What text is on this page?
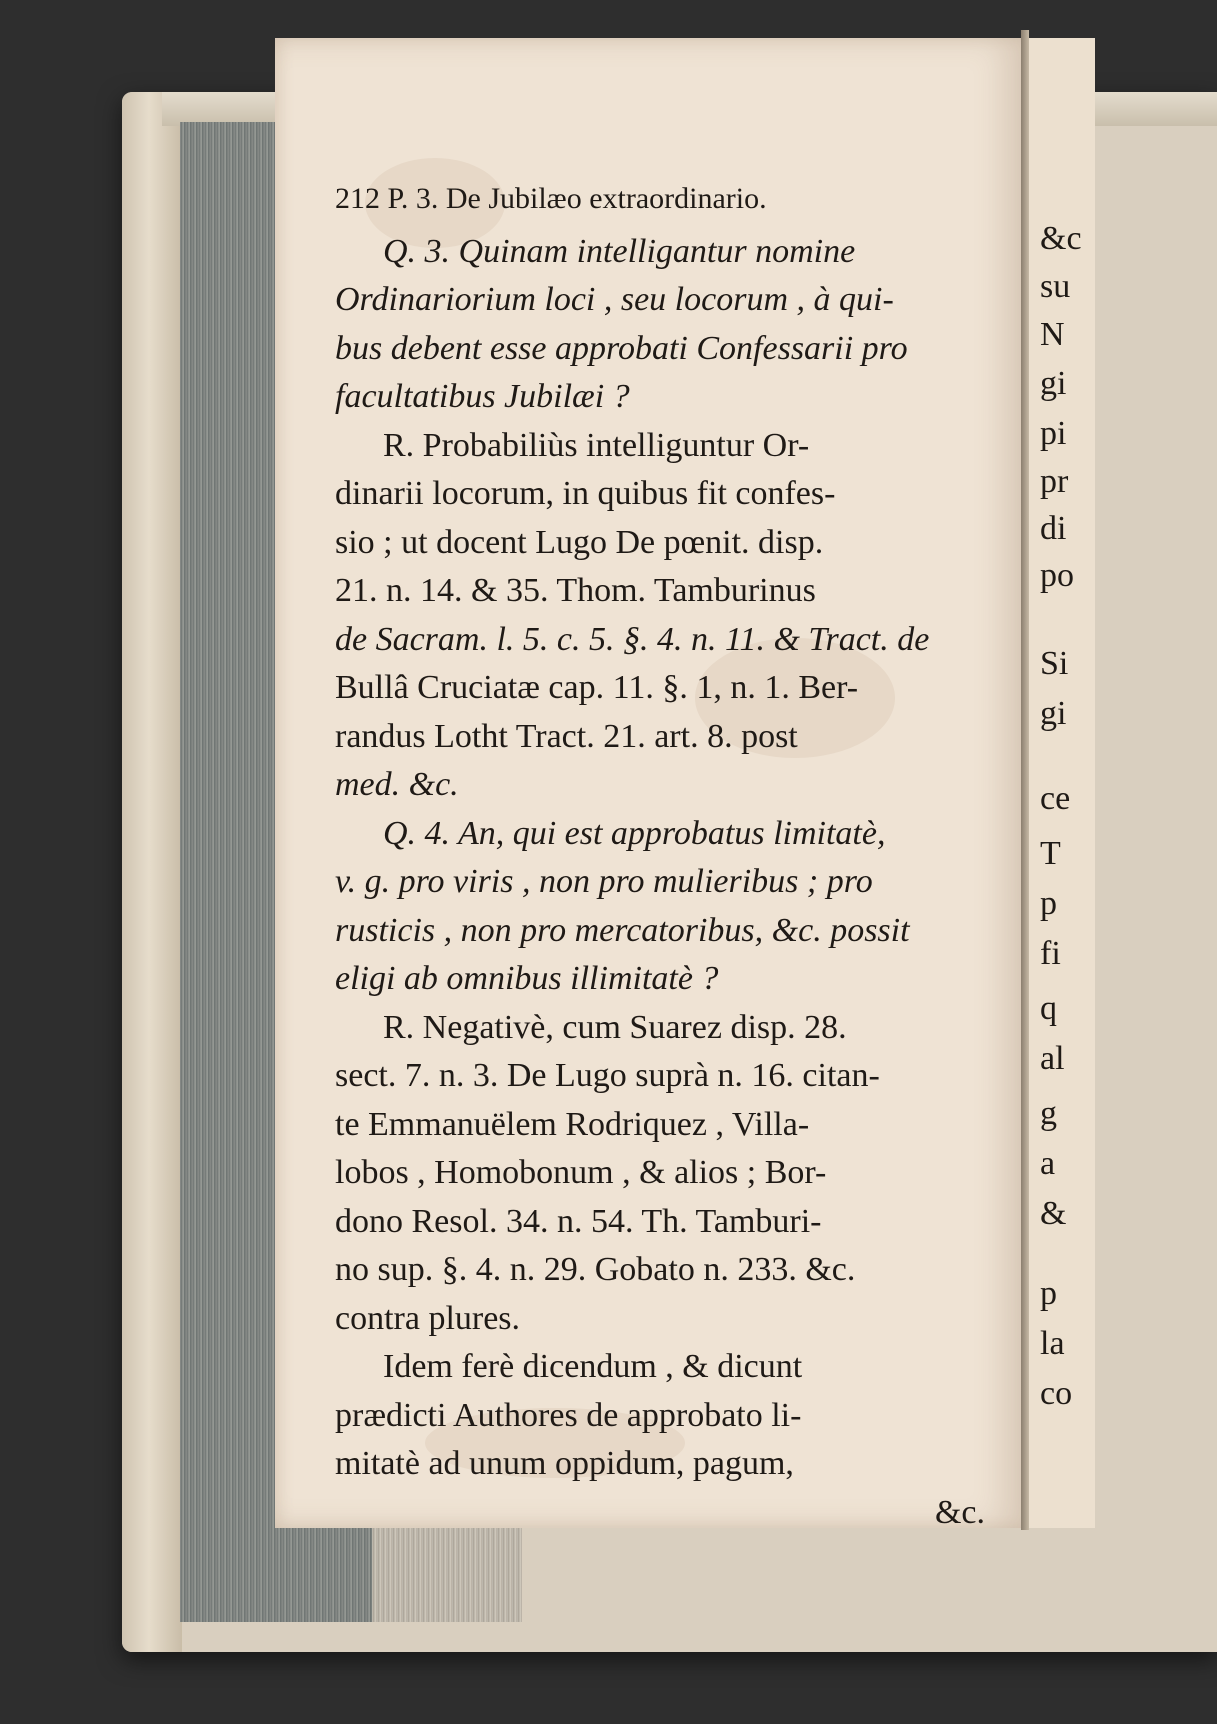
212 P. 3. De Jubilæo extraordinario.
Q. 3. Quinam intelligantur nomine
Ordinariorium loci , seu locorum , à qui-
bus debent esse approbati Confessarii pro
facultatibus Jubilæi ?
R. Probabiliùs intelliguntur Or-
dinarii locorum, in quibus fit confes-
sio ; ut docent Lugo De pœnit. disp.
21. n. 14. & 35. Thom. Tamburinus
de Sacram. l. 5. c. 5. §. 4. n. 11. & Tract. de
Bullâ Cruciatæ cap. 11. §. 1, n. 1. Ber-
randus Lotht Tract. 21. art. 8. post
med. &c.
Q. 4. An, qui est approbatus limitatè,
v. g. pro viris , non pro mulieribus ; pro
rusticis , non pro mercatoribus, &c. possit
eligi ab omnibus illimitatè ?
R. Negativè, cum Suarez disp. 28.
sect. 7. n. 3. De Lugo suprà n. 16. citan-
te Emmanuëlem Rodriquez , Villa-
lobos , Homobonum , & alios ; Bor-
dono Resol. 34. n. 54. Th. Tamburi-
no sup. §. 4. n. 29. Gobato n. 233. &c.
contra plures.
Idem ferè dicendum , & dicunt
prædicti Authores de approbato li-
mitatè ad unum oppidum, pagum,
&c.
&c
su
N
gi
pi
pr
di
po
Si
gi
ce
T
p
fi
q
al
g
a
&
p
la
co
